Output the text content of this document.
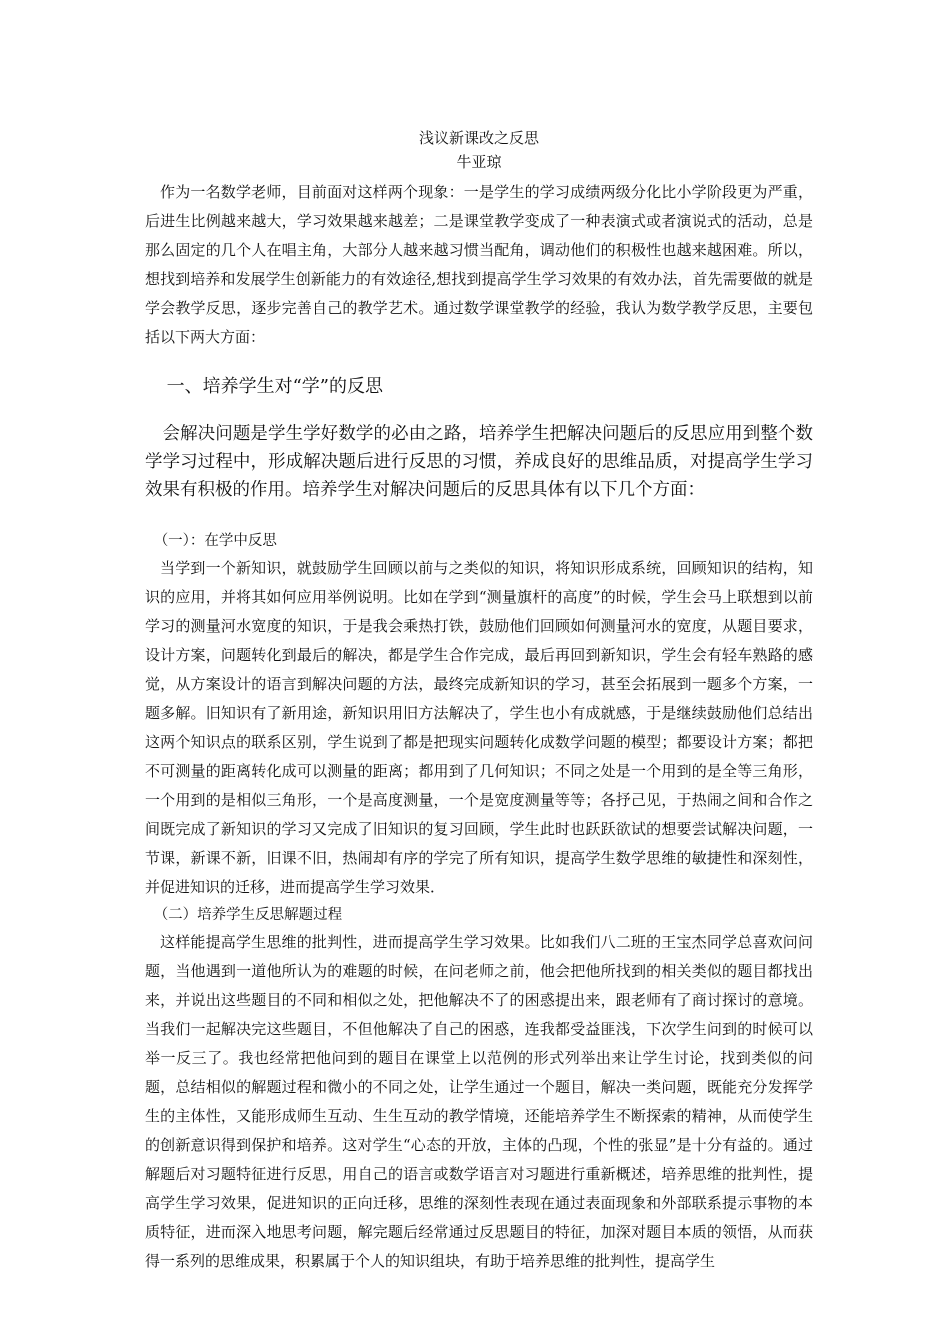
浅议新课改之反思

牛亚琼

作为一名数学老师，目前面对这样两个现象：一是学生的学习成绩两级分化比小学阶段更为严重，后进生比例越来越大，学习效果越来越差；二是课堂教学变成了一种表演式或者演说式的活动，总是那么固定的几个人在唱主角，大部分人越来越习惯当配角，调动他们的积极性也越来越困难。所以，想找到培养和发展学生创新能力的有效途径,想找到提高学生学习效果的有效办法，首先需要做的就是学会教学反思，逐步完善自己的教学艺术。通过数学课堂教学的经验，我认为数学教学反思，主要包括以下两大方面：

一、培养学生对“学”的反思

会解决问题是学生学好数学的必由之路，培养学生把解决问题后的反思应用到整个数学学习过程中，形成解决题后进行反思的习惯，养成良好的思维品质，对提高学生学习效果有积极的作用。培养学生对解决问题后的反思具体有以下几个方面：

（一）：在学中反思

当学到一个新知识，就鼓励学生回顾以前与之类似的知识，将知识形成系统，回顾知识的结构，知识的应用，并将其如何应用举例说明。比如在学到“测量旗杆的高度”的时候，学生会马上联想到以前学习的测量河水宽度的知识，于是我会乘热打铁，鼓励他们回顾如何测量河水的宽度，从题目要求，设计方案，问题转化到最后的解决，都是学生合作完成，最后再回到新知识，学生会有轻车熟路的感觉，从方案设计的语言到解决问题的方法，最终完成新知识的学习，甚至会拓展到一题多个方案，一题多解。旧知识有了新用途，新知识用旧方法解决了，学生也小有成就感，于是继续鼓励他们总结出这两个知识点的联系区别，学生说到了都是把现实问题转化成数学问题的模型；都要设计方案；都把不可测量的距离转化成可以测量的距离；都用到了几何知识；不同之处是一个用到的是全等三角形，一个用到的是相似三角形，一个是高度测量，一个是宽度测量等等；各抒己见，于热闹之间和合作之间既完成了新知识的学习又完成了旧知识的复习回顾，学生此时也跃跃欲试的想要尝试解决问题，一节课，新课不新，旧课不旧，热闹却有序的学完了所有知识，提高学生数学思维的敏捷性和深刻性，并促进知识的迁移，进而提高学生学习效果．

（二）培养学生反思解题过程

这样能提高学生思维的批判性，进而提高学生学习效果。比如我们八二班的王宝杰同学总喜欢问问题，当他遇到一道他所认为的难题的时候，在问老师之前，他会把他所找到的相关类似的题目都找出来，并说出这些题目的不同和相似之处，把他解决不了的困惑提出来，跟老师有了商讨探讨的意境。当我们一起解决完这些题目，不但他解决了自己的困惑，连我都受益匪浅，下次学生问到的时候可以举一反三了。我也经常把他问到的题目在课堂上以范例的形式列举出来让学生讨论，找到类似的问题，总结相似的解题过程和微小的不同之处，让学生通过一个题目，解决一类问题，既能充分发挥学生的主体性，又能形成师生互动、生生互动的教学情境，还能培养学生不断探索的精神，从而使学生的创新意识得到保护和培养。这对学生“心态的开放，主体的凸现，个性的张显”是十分有益的。通过解题后对习题特征进行反思，用自己的语言或数学语言对习题进行重新概述，培养思维的批判性，提高学生学习效果，促进知识的正向迁移，思维的深刻性表现在通过表面现象和外部联系提示事物的本质特征，进而深入地思考问题，解完题后经常通过反思题目的特征，加深对题目本质的领悟，从而获得一系列的思维成果，积累属于个人的知识组块，有助于培养思维的批判性，提高学生
